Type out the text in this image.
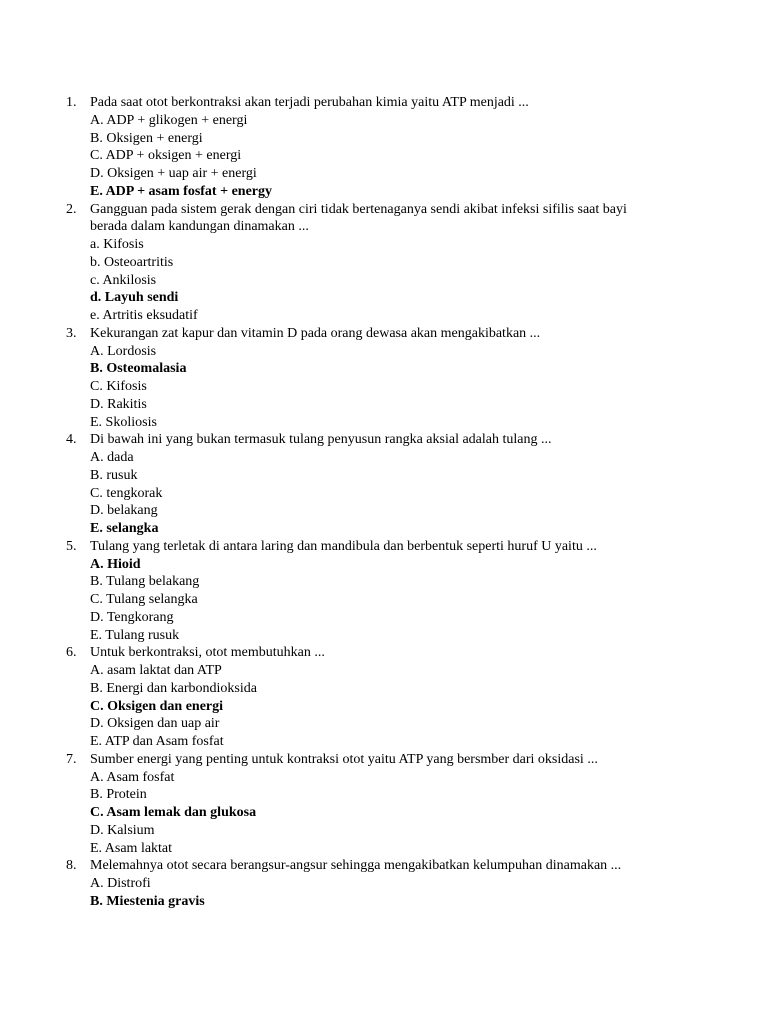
1. Pada saat otot berkontraksi akan terjadi perubahan kimia yaitu ATP menjadi ...
A. ADP + glikogen + energi
B. Oksigen + energi
C. ADP + oksigen + energi
D. Oksigen + uap air + energi
E. ADP + asam fosfat + energy
2. Gangguan pada sistem gerak dengan ciri tidak bertenaganya sendi akibat infeksi sifilis saat bayi
berada dalam kandungan dinamakan ...
a. Kifosis
b. Osteoartritis
c. Ankilosis
d. Layuh sendi
e. Artritis eksudatif
3. Kekurangan zat kapur dan vitamin D pada orang dewasa akan mengakibatkan ...
A. Lordosis
B. Osteomalasia
C. Kifosis
D. Rakitis
E. Skoliosis
4. Di bawah ini yang bukan termasuk tulang penyusun rangka aksial adalah tulang ...
A. dada
B. rusuk
C. tengkorak
D. belakang
E. selangka
5. Tulang yang terletak di antara laring dan mandibula dan berbentuk seperti huruf U yaitu ...
A. Hioid
B. Tulang belakang
C. Tulang selangka
D. Tengkorang
E. Tulang rusuk
6. Untuk berkontraksi, otot membutuhkan ...
A. asam laktat dan ATP
B. Energi dan karbondioksida
C. Oksigen dan energi
D. Oksigen dan uap air
E. ATP dan Asam fosfat
7. Sumber energi yang penting untuk kontraksi otot yaitu ATP yang bersmber dari oksidasi ...
A. Asam fosfat
B. Protein
C. Asam lemak dan glukosa
D. Kalsium
E. Asam laktat
8. Melemahnya otot secara berangsur-angsur sehingga mengakibatkan kelumpuhan dinamakan ...
A. Distrofi
B. Miestenia gravis
